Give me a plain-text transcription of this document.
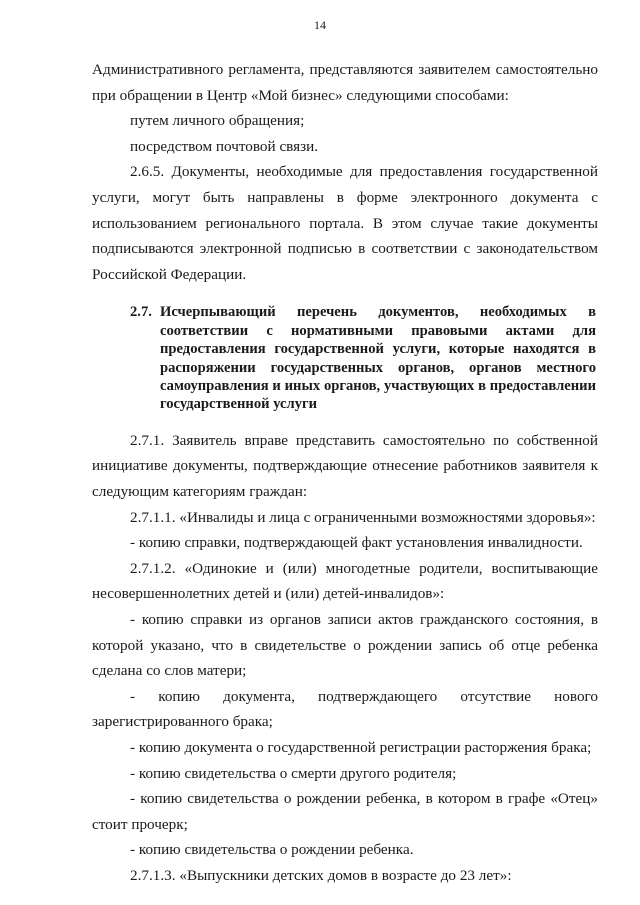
14

Административного регламента, представляются заявителем самостоятельно при обращении в Центр «Мой бизнес» следующими способами:

путем личного обращения;

посредством почтовой связи.

2.6.5. Документы, необходимые для предоставления государственной услуги, могут быть направлены в форме электронного документа с использованием регионального портала. В этом случае такие документы подписываются электронной подписью в соответствии с законодательством Российской Федерации.

2.7. Исчерпывающий перечень документов, необходимых в соответствии с нормативными правовыми актами для предоставления государственной услуги, которые находятся в распоряжении государственных органов, органов местного самоуправления и иных органов, участвующих в предоставлении государственной услуги

2.7.1. Заявитель вправе представить самостоятельно по собственной инициативе документы, подтверждающие отнесение работников заявителя к следующим категориям граждан:

2.7.1.1. «Инвалиды и лица с ограниченными возможностями здоровья»:

- копию справки, подтверждающей факт установления инвалидности.

2.7.1.2. «Одинокие и (или) многодетные родители, воспитывающие несовершеннолетних детей и (или) детей-инвалидов»:

- копию справки из органов записи актов гражданского состояния, в которой указано, что в свидетельстве о рождении запись об отце ребенка сделана со слов матери;

- копию документа, подтверждающего отсутствие нового зарегистрированного брака;

- копию документа о государственной регистрации расторжения брака;

- копию свидетельства о смерти другого родителя;

- копию свидетельства о рождении ребенка, в котором в графе «Отец» стоит прочерк;

- копию свидетельства о рождении ребенка.

2.7.1.3. «Выпускники детских домов в возрасте до 23 лет»:
